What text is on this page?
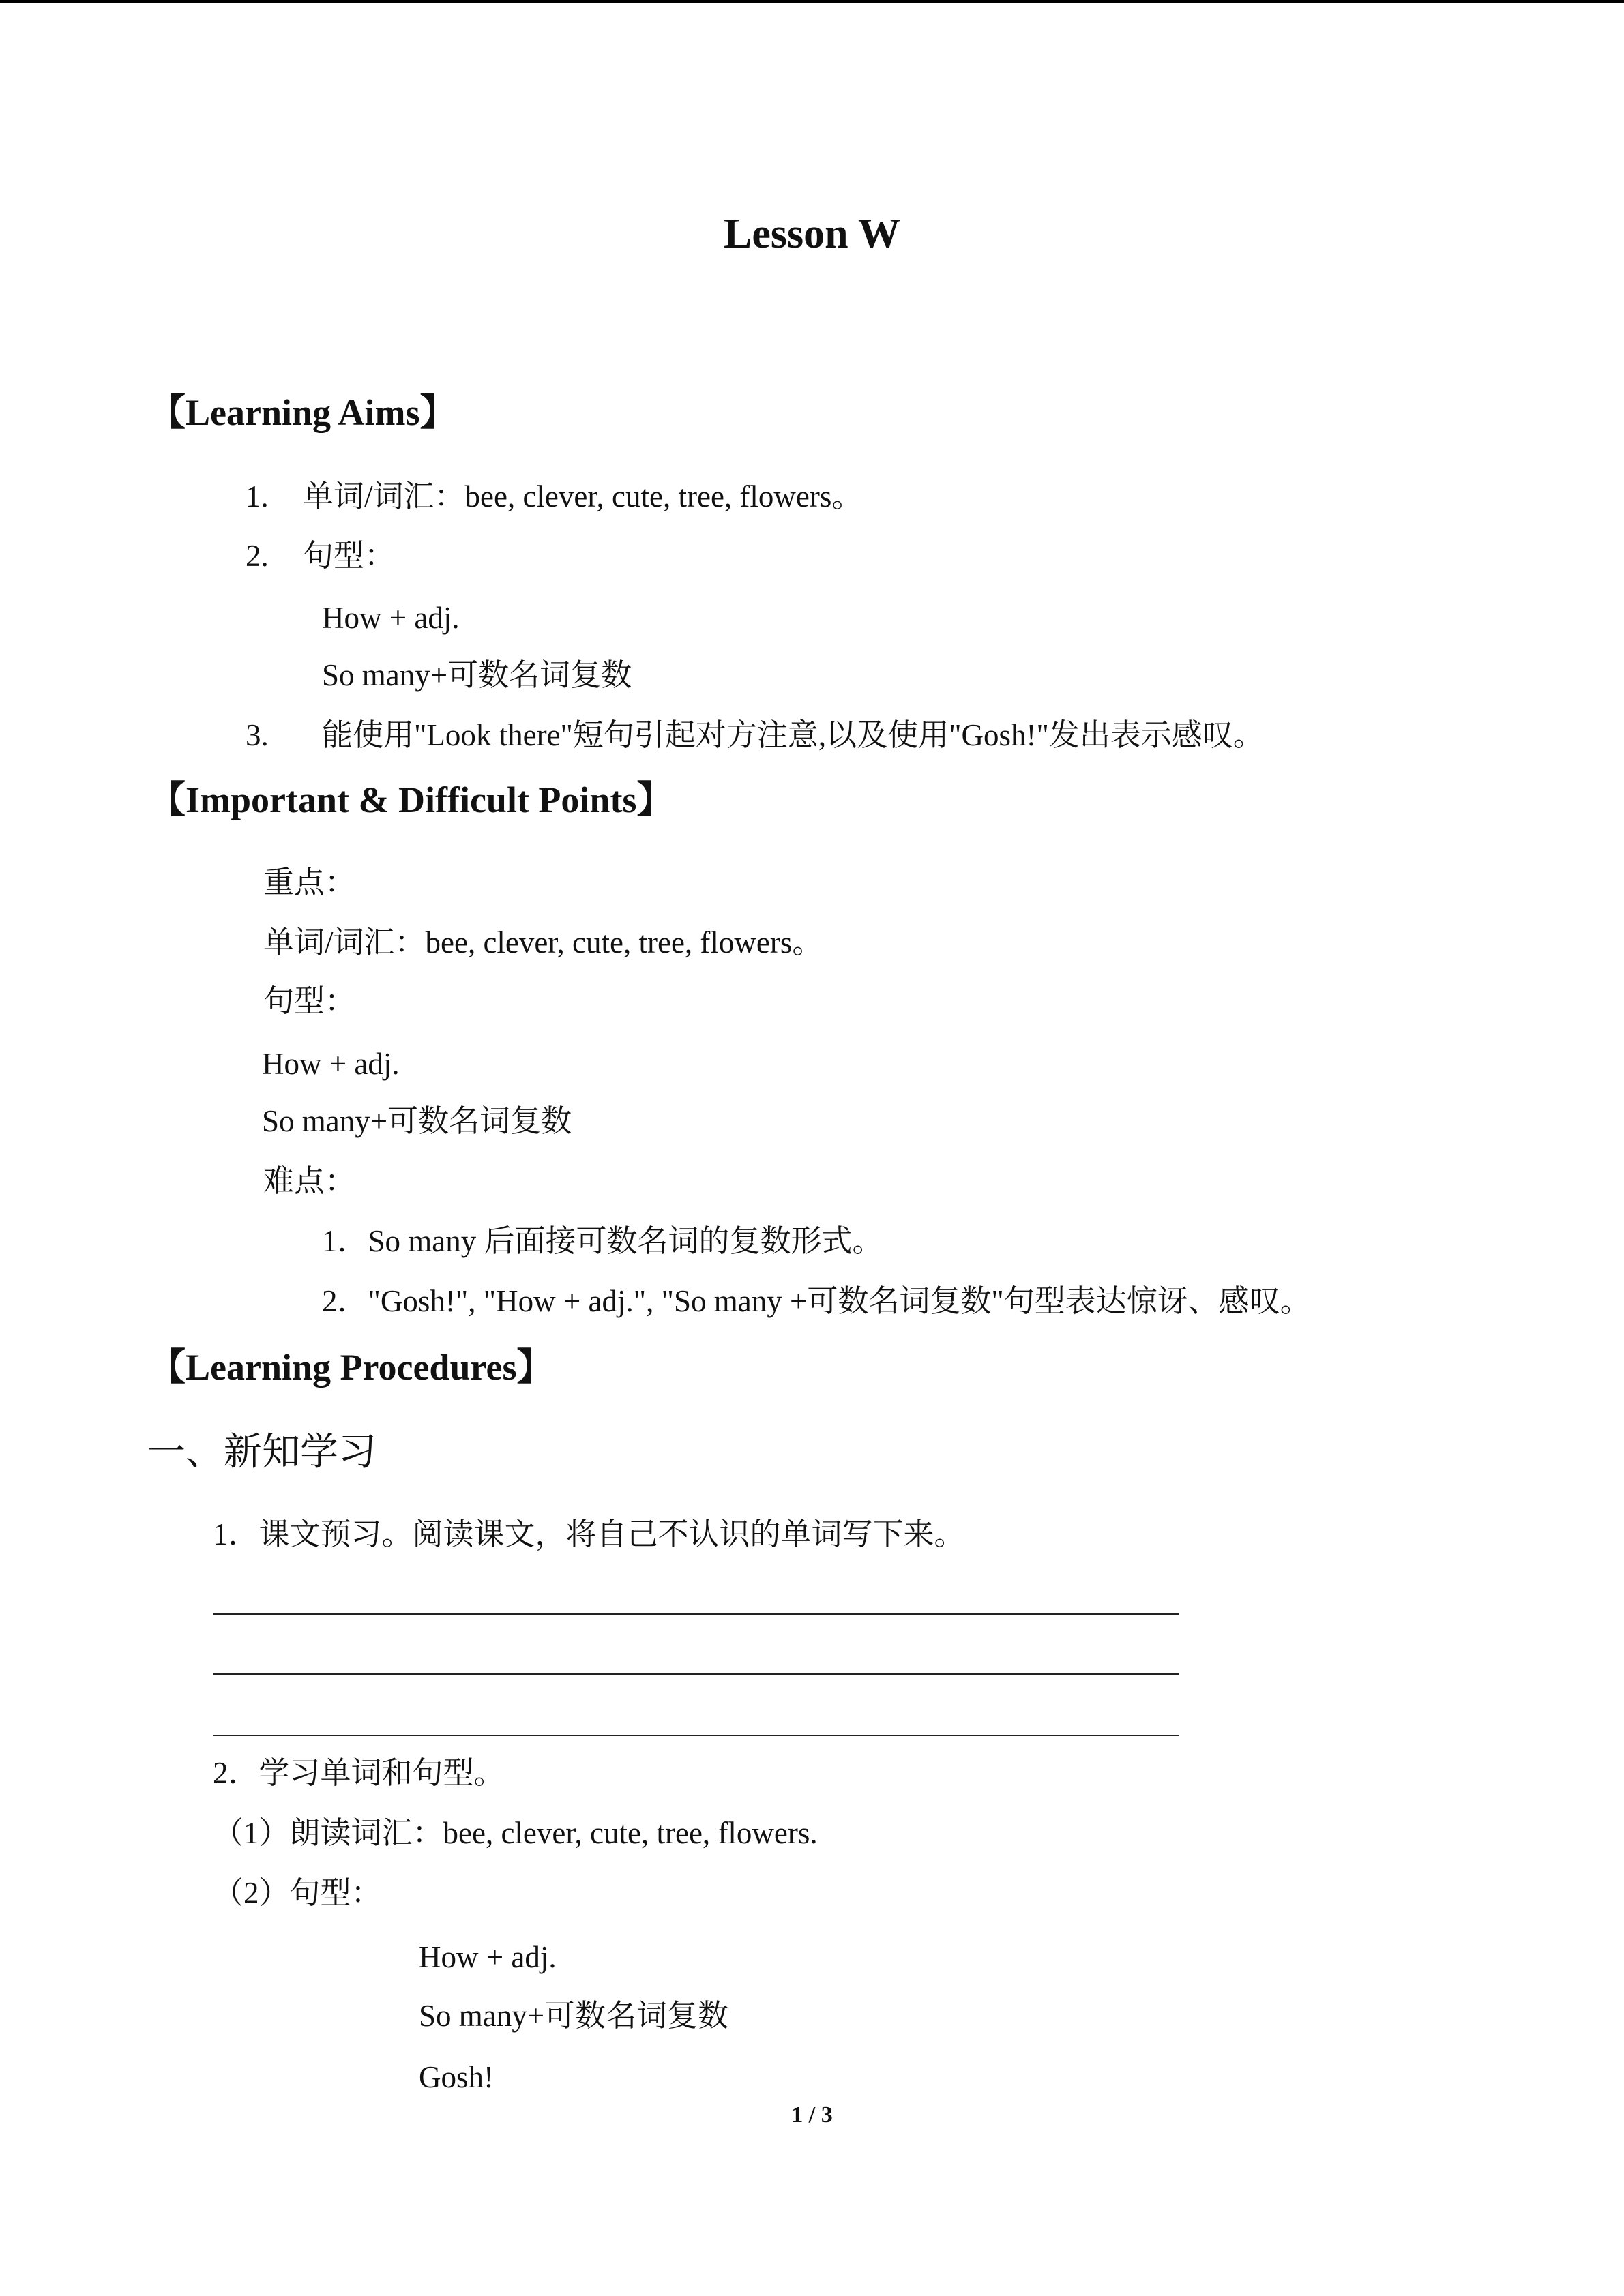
Lesson W
【Learning Aims】
1. 单词/词汇：bee, clever, cute, tree, flowers。
2. 句型：
How + adj.
So many+可数名词复数
3. 能使用"Look there"短句引起对方注意,以及使用"Gosh!"发出表示感叹。
【Important & Difficult Points】
重点：
单词/词汇：bee, clever, cute, tree, flowers。
句型：
How + adj.
So many+可数名词复数
难点：
1．So many 后面接可数名词的复数形式。
2．"Gosh!", "How + adj.", "So many +可数名词复数"句型表达惊讶、感叹。
【Learning Procedures】
一、新知学习
1．课文预习。阅读课文，将自己不认识的单词写下来。
2．学习单词和句型。
（1）朗读词汇：bee, clever, cute, tree, flowers.
（2）句型：
How + adj.
So many+可数名词复数
Gosh!
1 / 3
